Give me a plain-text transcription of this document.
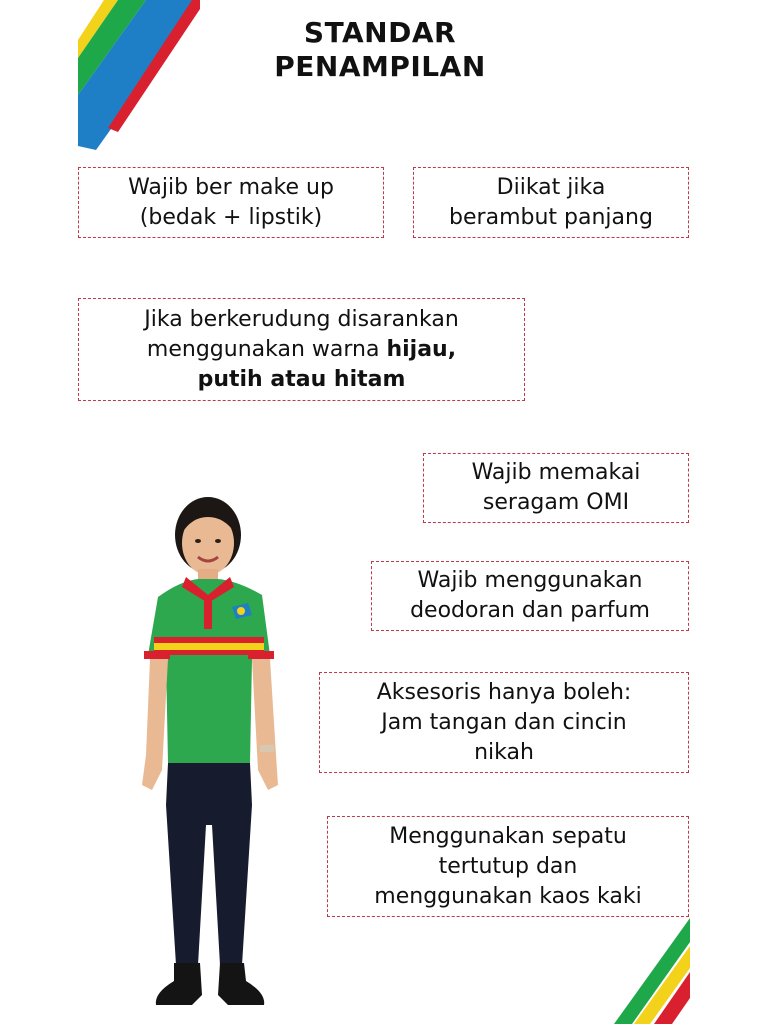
STANDAR
PENAMPILAN
Wajib ber make up
(bedak + lipstik)
Diikat jika
berambut panjang
Jika berkerudung disarankan
menggunakan warna hijau,
putih atau hitam
Wajib memakai
seragam OMI
Wajib menggunakan
deodoran dan parfum
Aksesoris hanya boleh:
Jam tangan dan cincin
nikah
Menggunakan sepatu
tertutup dan
menggunakan kaos kaki
